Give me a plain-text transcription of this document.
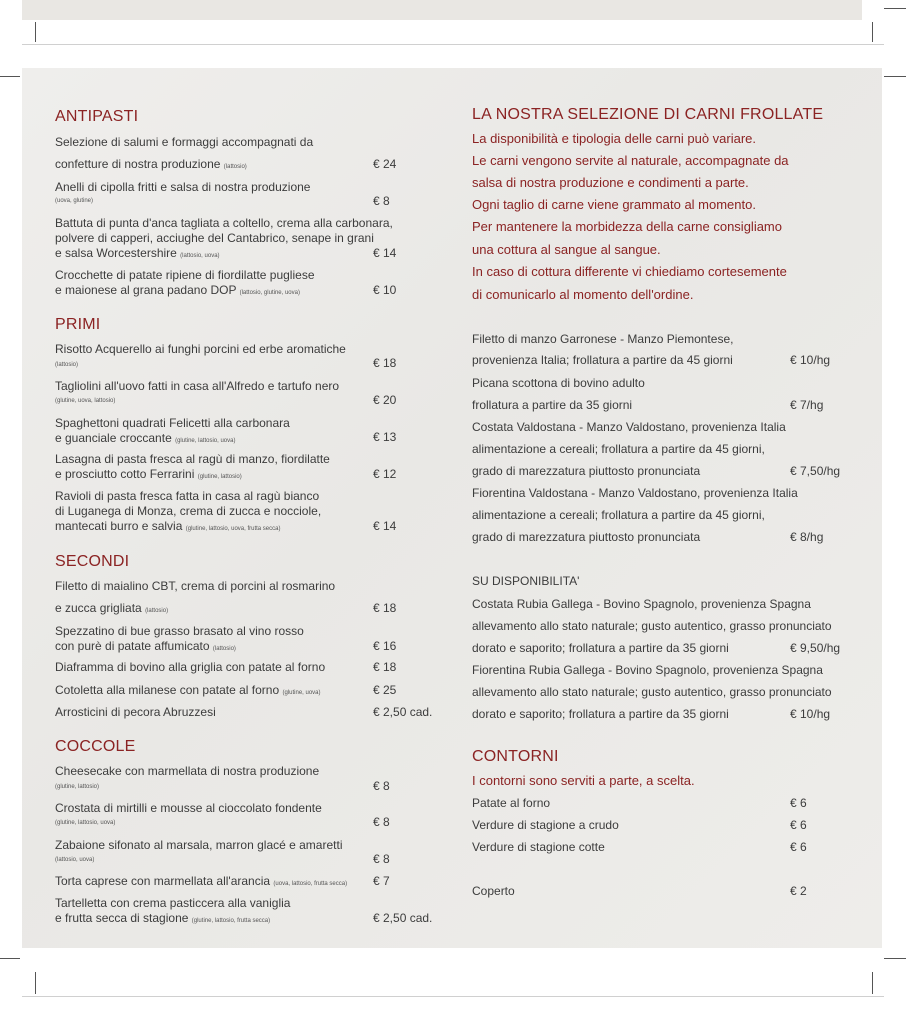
ANTIPASTI
Selezione di salumi e formaggi accompagnati da
confetture di nostra produzione (lattosio)	€ 24
Anelli di cipolla fritti e salsa di nostra produzione
(uova, glutine)	€ 8
Battuta di punta d'anca tagliata a coltello, crema alla carbonara,
polvere di capperi, acciughe del Cantabrico, senape in grani
e salsa Worcestershire (lattosio, uova)	€ 14
Crocchette di patate ripiene di fiordilatte pugliese
e maionese al grana padano DOP (lattosio, glutine, uova)	€ 10
PRIMI
Risotto Acquerello ai funghi porcini ed erbe aromatiche
(lattosio)	€ 18
Tagliolini all'uovo fatti in casa all'Alfredo e tartufo nero
(glutine, uova, lattosio)	€ 20
Spaghettoni quadrati Felicetti alla carbonara
e guanciale croccante (glutine, lattosio, uova)	€ 13
Lasagna di pasta fresca al ragù di manzo, fiordilatte
e prosciutto cotto Ferrarini (glutine, lattosio)	€ 12
Ravioli di pasta fresca fatta in casa al ragù bianco
di Luganega di Monza, crema di zucca e nocciole,
mantecati burro e salvia (glutine, lattosio, uova, frutta secca)	€ 14
SECONDI
Filetto di maialino CBT, crema di porcini al rosmarino
e zucca grigliata (lattosio)	€ 18
Spezzatino di bue grasso brasato al vino rosso
con purè di patate affumicato (lattosio)	€ 16
Diaframma di bovino alla griglia con patate al forno	€ 18
Cotoletta alla milanese con patate al forno (glutine, uova)	€ 25
Arrosticini di pecora Abruzzesi	€ 2,50 cad.
COCCOLE
Cheesecake con marmellata di nostra produzione
(glutine, lattosio)	€ 8
Crostata di mirtilli e mousse al cioccolato fondente
(glutine, lattosio, uova)	€ 8
Zabaione sifonato al marsala, marron glacé e amaretti
(lattosio, uova)	€ 8
Torta caprese con marmellata all'arancia (uova, lattosio, frutta secca) € 7
Tartelletta con crema pasticcera alla vaniglia
e frutta secca di stagione (glutine, lattosio, frutta secca)	€ 2,50 cad.
LA NOSTRA SELEZIONE DI CARNI FROLLATE
La disponibilità e tipologia delle carni può variare.
Le carni vengono servite al naturale, accompagnate da
salsa di nostra produzione e condimenti a parte.
Ogni taglio di carne viene grammato al momento.
Per mantenere la morbidezza della carne consigliamo
una cottura al sangue al sangue.
In caso di cottura differente vi chiediamo cortesemente
di comunicarlo al momento dell'ordine.
Filetto di manzo Garronese - Manzo Piemontese,
provenienza Italia; frollatura a partire da 45 giorni	€ 10/hg
Picana scottona di bovino adulto
frollatura a partire da 35 giorni	€ 7/hg
Costata Valdostana - Manzo Valdostano, provenienza Italia
alimentazione a cereali; frollatura a partire da 45 giorni,
grado di marezzatura piuttosto pronunciata	€ 7,50/hg
Fiorentina Valdostana - Manzo Valdostano, provenienza Italia
alimentazione a cereali; frollatura a partire da 45 giorni,
grado di marezzatura piuttosto pronunciata	€ 8/hg
SU DISPONIBILITA'
Costata Rubia Gallega - Bovino Spagnolo, provenienza Spagna
allevamento allo stato naturale; gusto autentico, grasso pronunciato
dorato e saporito; frollatura a partire da 35 giorni	€ 9,50/hg
Fiorentina Rubia Gallega - Bovino Spagnolo, provenienza Spagna
allevamento allo stato naturale; gusto autentico, grasso pronunciato
dorato e saporito; frollatura a partire da 35 giorni	€ 10/hg
CONTORNI
I contorni sono serviti a parte, a scelta.
Patate al forno	€ 6
Verdure di stagione a crudo	€ 6
Verdure di stagione cotte	€ 6
Coperto	€ 2
